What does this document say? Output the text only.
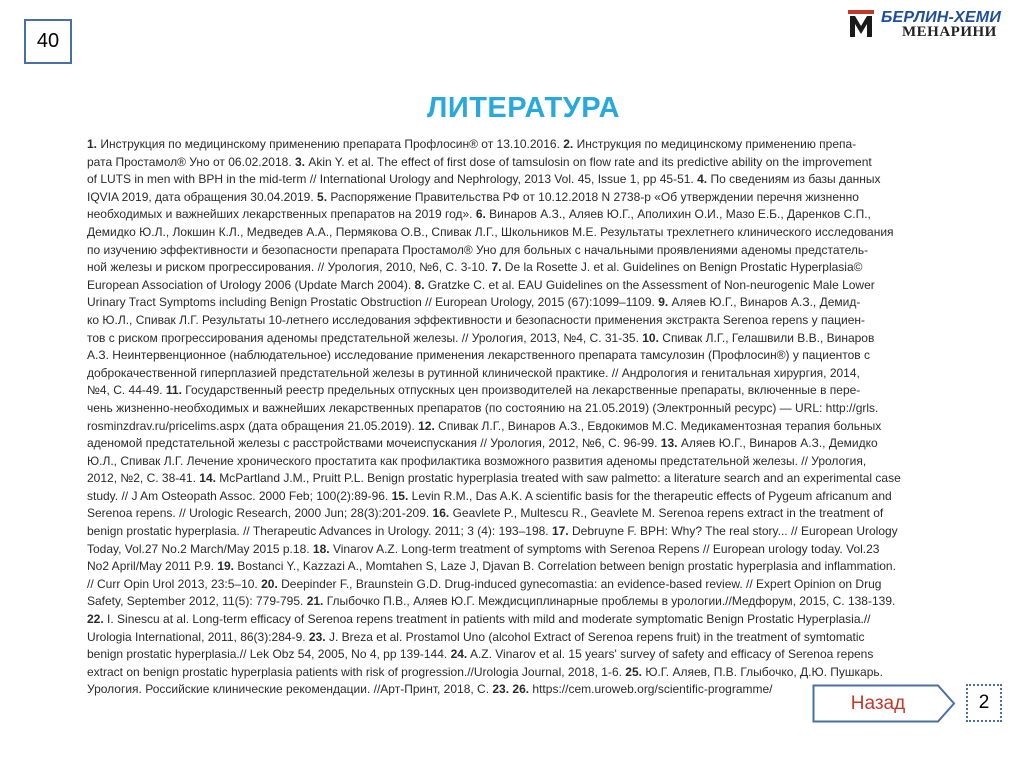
40
БЕРЛИН-ХЕМИ
МЕНАРИНИ
ЛИТЕРАТУРА
1. Инструкция по медицинскому применению препарата Профлосин® от 13.10.2016. 2. Инструкция по медицинскому применению препа-
рата Простамол® Уно от 06.02.2018. 3. Akin Y. et al. The effect of first dose of tamsulosin on flow rate and its predictive ability on the improvement
of LUTS in men with BPH in the mid-term // International Urology and Nephrology, 2013 Vol. 45, Issue 1, pp 45-51. 4. По сведениям из базы данных
IQVIA 2019, дата обращения 30.04.2019. 5. Распоряжение Правительства РФ от 10.12.2018 N 2738-р «Об утверждении перечня жизненно
необходимых и важнейших лекарственных препаратов на 2019 год». 6. Винаров А.З., Аляев Ю.Г., Аполихин О.И., Мазо Е.Б., Даренков С.П.,
Демидко Ю.Л., Локшин К.Л., Медведев А.А., Пермякова О.В., Спивак Л.Г., Школьников М.Е. Результаты трехлетнего клинического исследования
по изучению эффективности и безопасности препарата Простамол® Уно для больных с начальными проявлениями аденомы предстатель-
ной железы и риском прогрессирования. // Урология, 2010, №6, С. 3-10. 7. De la Rosette J. et al. Guidelines on Benign Prostatic Hyperplasia©
European Association of Urology 2006 (Update March 2004). 8. Gratzke C. et al. EAU Guidelines on the Assessment of Non-neurogenic Male Lower
Urinary Tract Symptoms including Benign Prostatic Obstruction // European Urology, 2015 (67):1099–1109. 9. Аляев Ю.Г., Винаров А.З., Демид-
ко Ю.Л., Спивак Л.Г. Результаты 10-летнего исследования эффективности и безопасности применения экстракта Serenoa repens у пациен-
тов с риском прогрессирования аденомы предстательной железы. // Урология, 2013, №4, С. 31-35. 10. Спивак Л.Г., Гелашвили В.В., Винаров
А.З. Неинтервенционное (наблюдательное) исследование применения лекарственного препарата тамсулозин (Профлосин®) у пациентов с
доброкачественной гиперплазией предстательной железы в рутинной клинической практике. // Андрология и генитальная хирургия, 2014,
№4, С. 44-49. 11. Государственный реестр предельных отпускных цен производителей на лекарственные препараты, включенные в пере-
чень жизненно-необходимых и важнейших лекарственных препаратов (по состоянию на 21.05.2019) (Электронный ресурс) — URL: http://grls.
rosminzdrav.ru/pricelims.aspx (дата обращения 21.05.2019). 12. Спивак Л.Г., Винаров А.З., Евдокимов М.С. Медикаментозная терапия больных
аденомой предстательной железы с расстройствами мочеиспускания // Урология, 2012, №6, С. 96-99. 13. Аляев Ю.Г., Винаров А.З., Демидко
Ю.Л., Спивак Л.Г. Лечение хронического простатита как профилактика возможного развития аденомы предстательной железы. // Урология,
2012, №2, С. 38-41. 14. McPartland J.M., Pruitt P.L. Benign prostatic hyperplasia treated with saw palmetto: a literature search and an experimental case
study. // J Am Osteopath Assoc. 2000 Feb; 100(2):89-96. 15. Levin R.M., Das A.K. A scientific basis for the therapeutic effects of Pygeum africanum and
Serenoa repens. // Urologic Research, 2000 Jun; 28(3):201-209. 16. Geavlete P., Multescu R., Geavlete M. Serenoa repens extract in the treatment of
benign prostatic hyperplasia. // Therapeutic Advances in Urology. 2011; 3 (4): 193–198. 17. Debruyne F. BPH: Why? The real story... // European Urology
Today, Vol.27 No.2 March/May 2015 p.18. 18. Vinarov A.Z. Long-term treatment of symptoms with Serenoa Repens // European urology today. Vol.23
No2 April/May 2011 P.9. 19. Bostanci Y., Kazzazi A., Momtahen S, Laze J, Djavan B. Correlation between benign prostatic hyperplasia and inflammation.
// Curr Opin Urol 2013, 23:5–10. 20. Deepinder F., Braunstein G.D. Drug-induced gynecomastia: an evidence-based review. // Expert Opinion on Drug
Safety, September 2012, 11(5): 779-795. 21. Глыбочко П.В., Аляев Ю.Г. Междисциплинарные проблемы в урологии.//Медфорум, 2015, С. 138-139.
22. I. Sinescu at al. Long-term efficacy of Serenoa repens treatment in patients with mild and moderate symptomatic Benign Prostatic Hyperplasia.//
Urologia International, 2011, 86(3):284-9. 23. J. Breza et al. Prostamol Uno (alcohol Extract of Serenoa repens fruit) in the treatment of symtomatic
benign prostatic hyperplasia.// Lek Obz 54, 2005, No 4, pp 139-144. 24. A.Z. Vinarov et al. 15 years' survey of safety and efficacy of Serenoa repens
extract on benign prostatic hyperplasia patients with risk of progression.//Urologia Journal, 2018, 1-6. 25. Ю.Г. Аляев, П.В. Глыбочко, Д.Ю. Пушкарь.
Урология. Российские клинические рекомендации. //Арт-Принт, 2018, С. 23. 26. https://cem.uroweb.org/scientific-programme/
Назад	2
